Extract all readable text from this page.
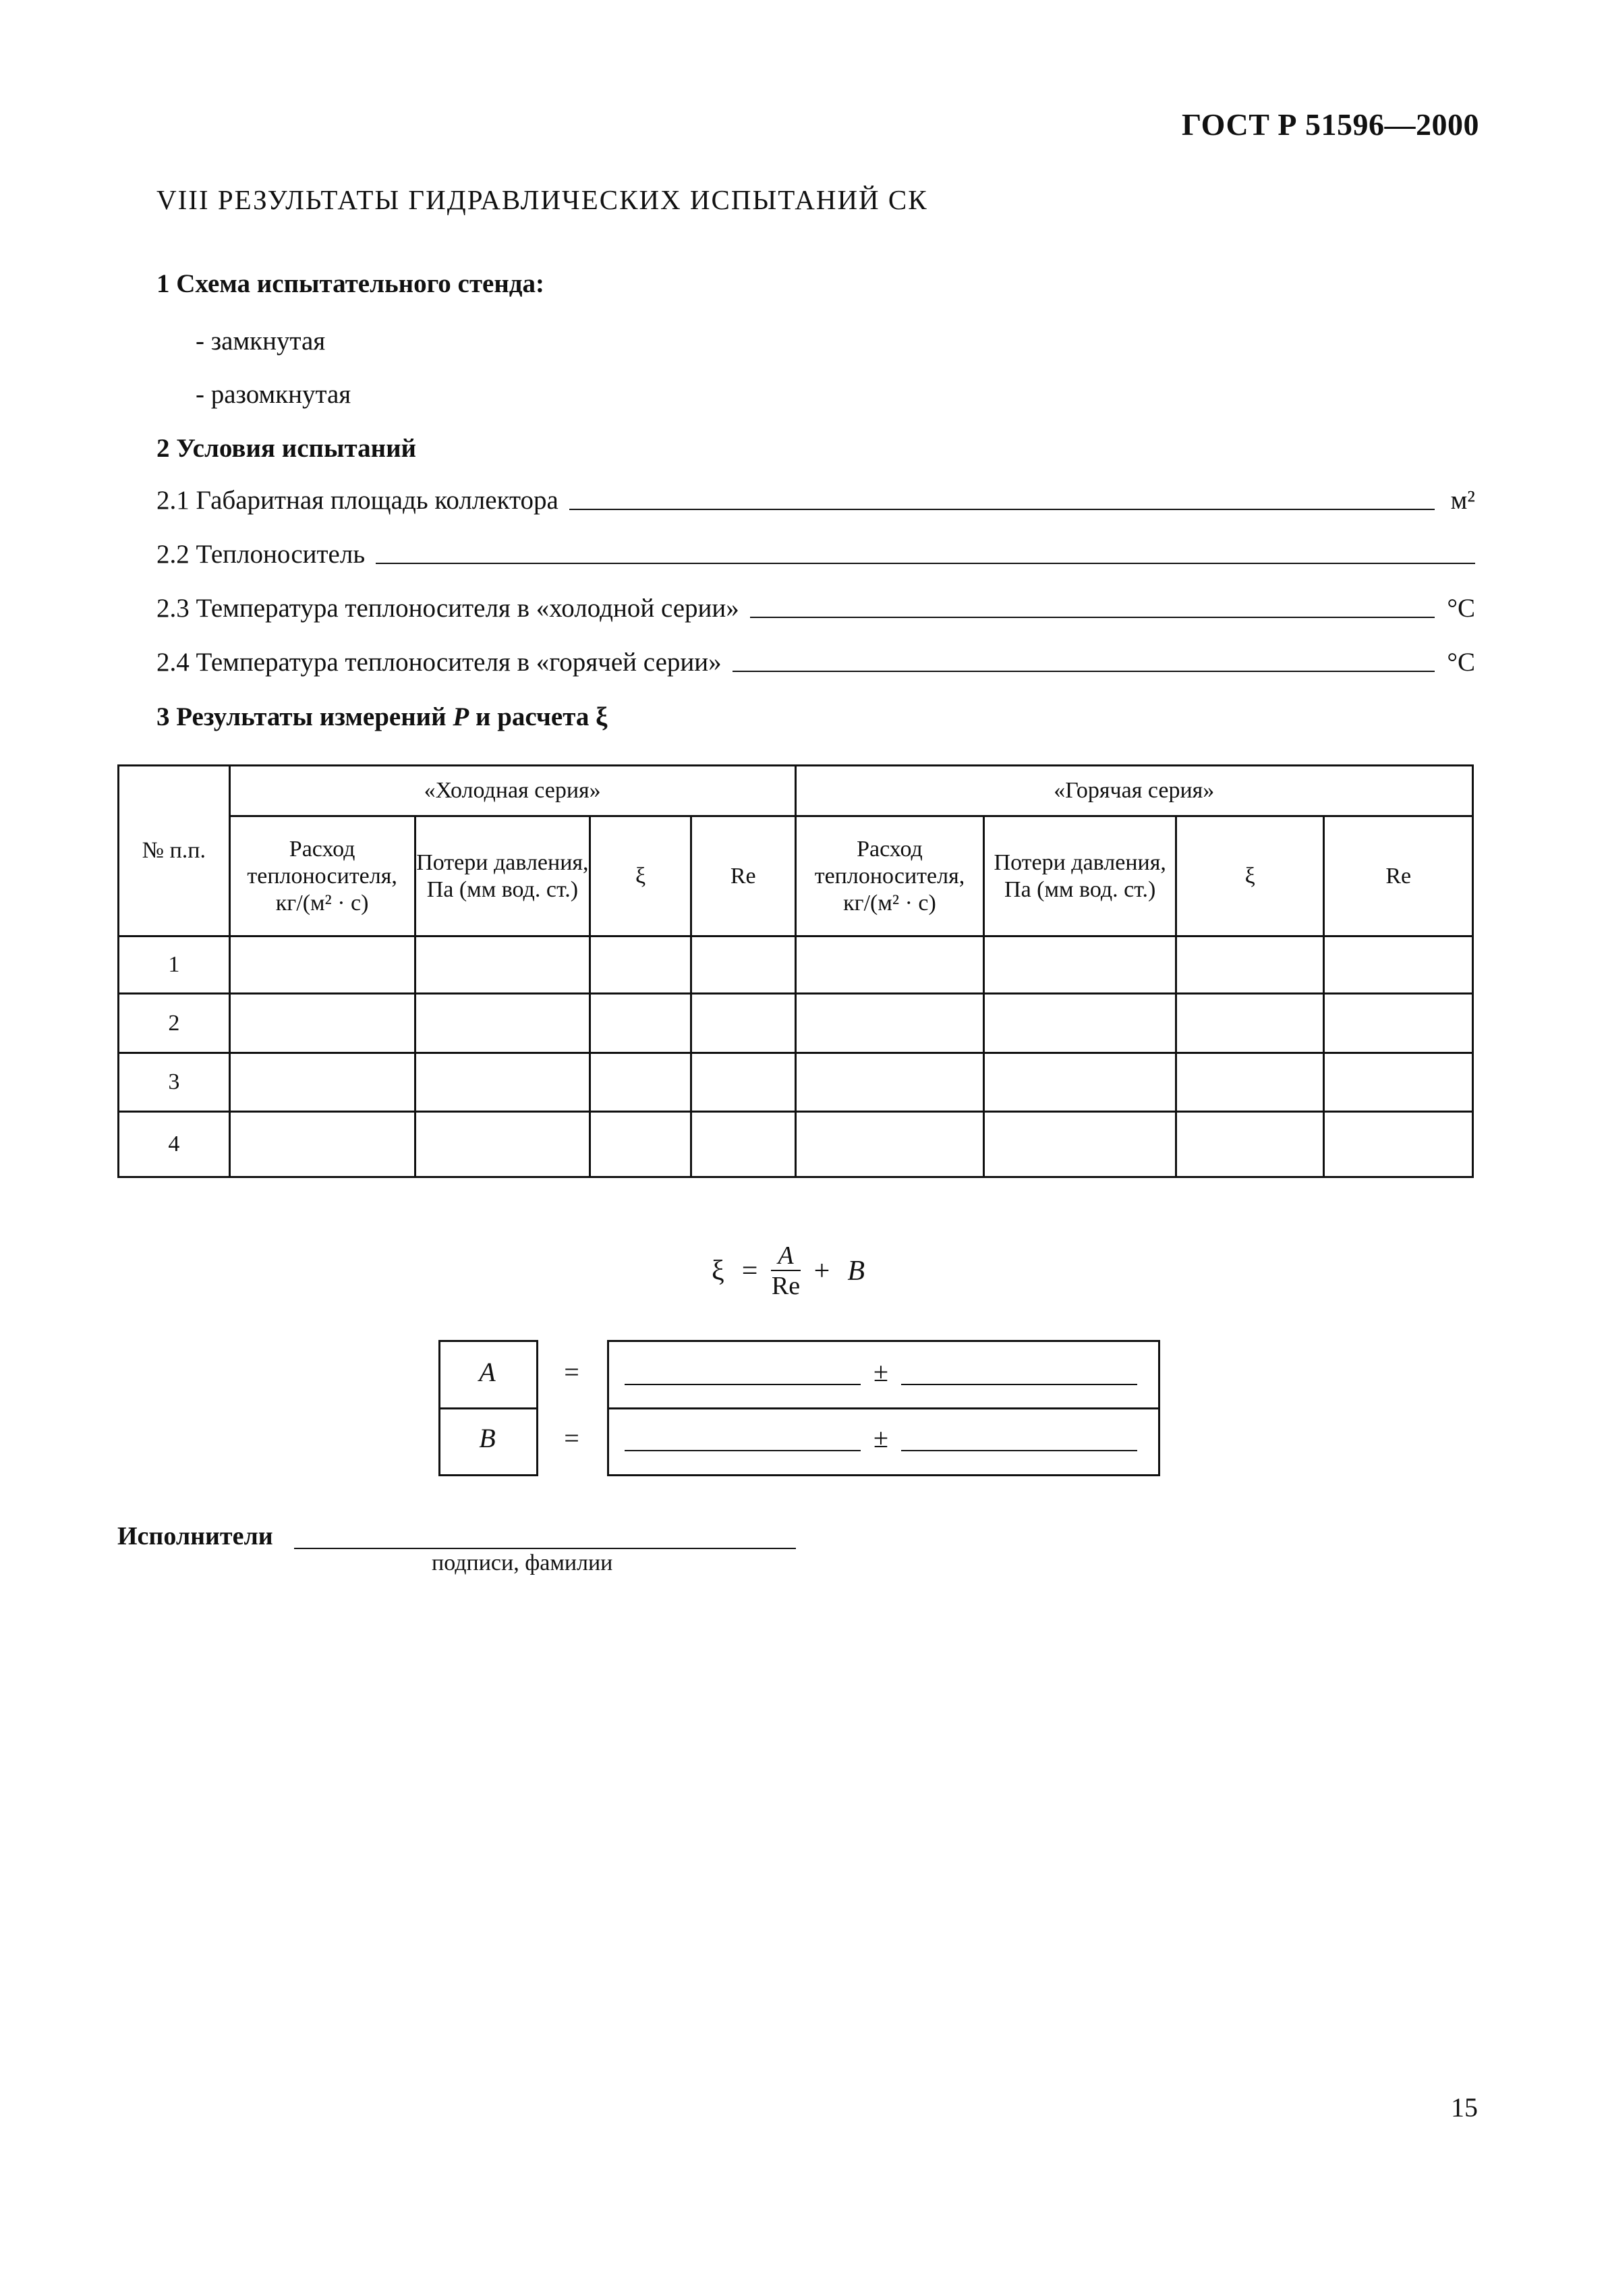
ГОСТ Р 51596—2000
VIII РЕЗУЛЬТАТЫ ГИДРАВЛИЧЕСКИХ ИСПЫТАНИЙ СК
1 Схема испытательного стенда:
- замкнутая
- разомкнутая
2 Условия испытаний
2.1 Габаритная площадь коллектора	м²
2.2 Теплоноситель
2.3 Температура теплоносителя в «холодной серии»	°C
2.4 Температура теплоносителя в «горячей серии»	°C
3 Результаты измерений P и расчета ξ
№ п.п.	«Холодная серия»				«Горячая серия»			
	Расход теплоносителя, кг/(м² · с)	Потери давления, Па (мм вод. ст.)	ξ	Re	Расход теплоносителя, кг/(м² · с)	Потери давления, Па (мм вод. ст.)	ξ	Re
1								
2								
3								
4								
$\xi = \frac{A}{Re} + B$
A	=	±
B	=	±
Исполнители
подписи, фамилии
15
